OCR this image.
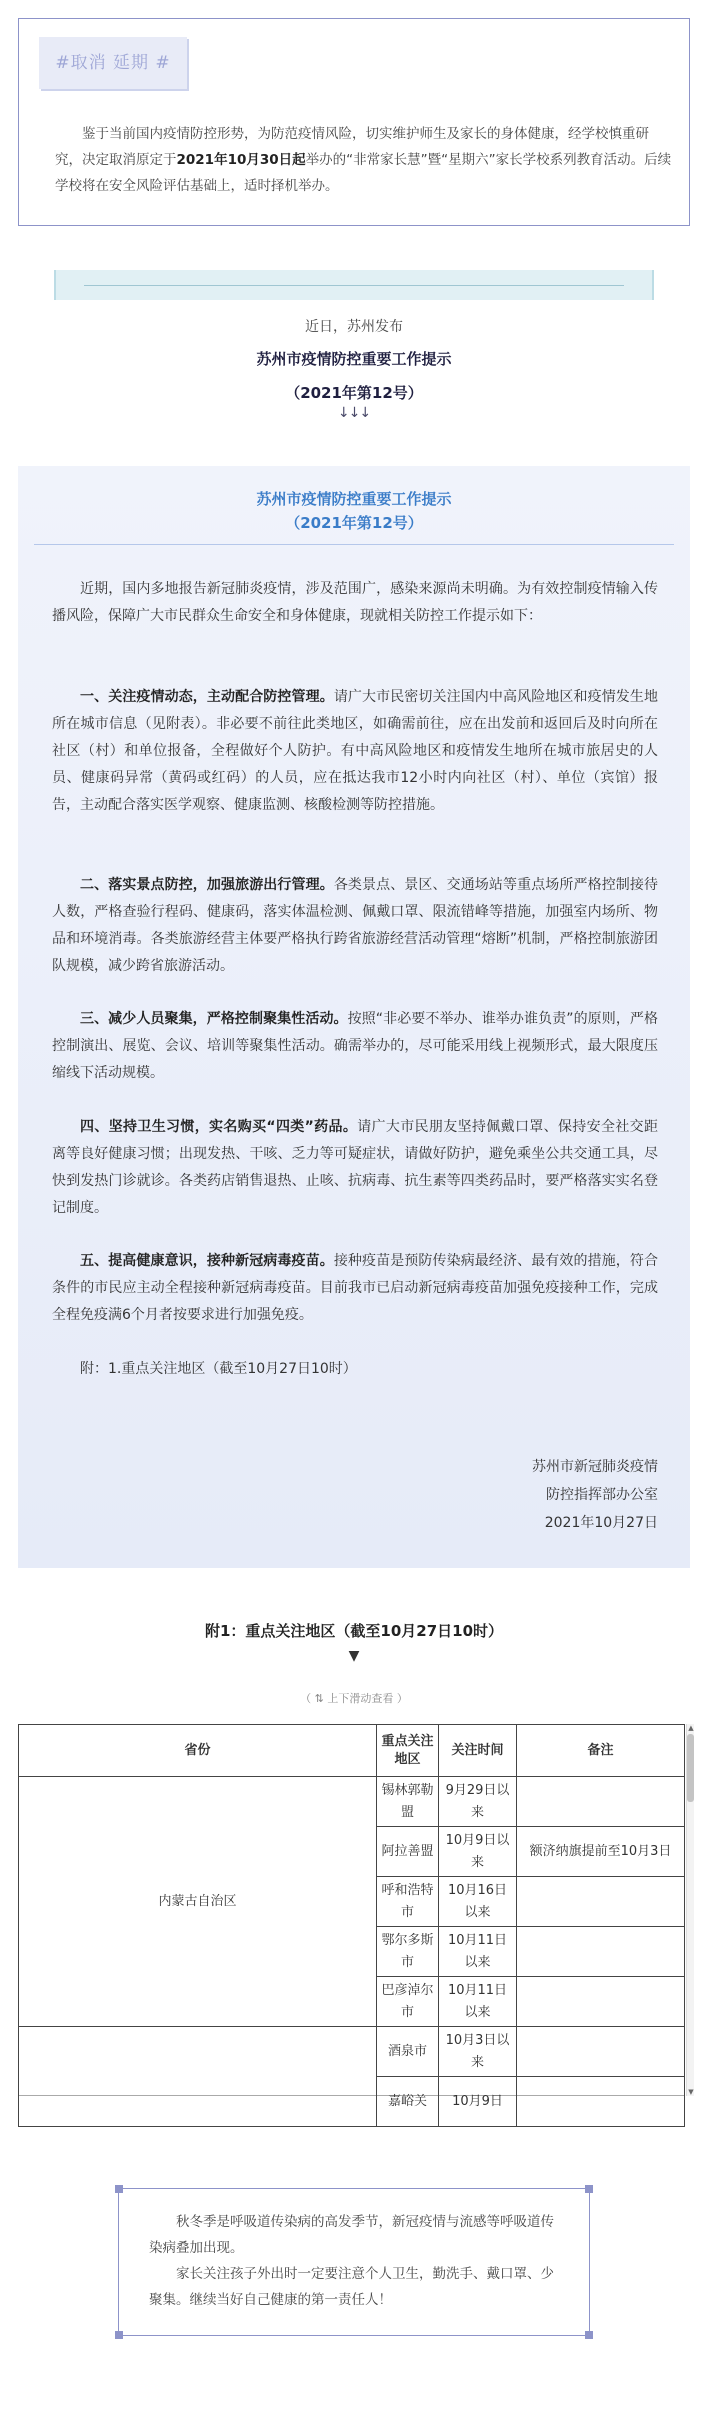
#取消 延期 #
鉴于当前国内疫情防控形势，为防范疫情风险，切实维护师生及家长的身体健康，经学校慎重研究，决定取消原定于2021年10月30日起举办的“非常家长慧”暨“星期六”家长学校系列教育活动。后续学校将在安全风险评估基础上，适时择机举办。
近日，苏州发布
苏州市疫情防控重要工作提示
（2021年第12号）
↓↓↓
苏州市疫情防控重要工作提示
（2021年第12号）
近期，国内多地报告新冠肺炎疫情，涉及范围广，感染来源尚未明确。为有效控制疫情输入传播风险，保障广大市民群众生命安全和身体健康，现就相关防控工作提示如下：
一、关注疫情动态，主动配合防控管理。请广大市民密切关注国内中高风险地区和疫情发生地所在城市信息（见附表）。非必要不前往此类地区，如确需前往，应在出发前和返回后及时向所在社区（村）和单位报备，全程做好个人防护。有中高风险地区和疫情发生地所在城市旅居史的人员、健康码异常（黄码或红码）的人员，应在抵达我市12小时内向社区（村）、单位（宾馆）报告，主动配合落实医学观察、健康监测、核酸检测等防控措施。
二、落实景点防控，加强旅游出行管理。各类景点、景区、交通场站等重点场所严格控制接待人数，严格查验行程码、健康码，落实体温检测、佩戴口罩、限流错峰等措施，加强室内场所、物品和环境消毒。各类旅游经营主体要严格执行跨省旅游经营活动管理“熔断”机制，严格控制旅游团队规模，减少跨省旅游活动。
三、减少人员聚集，严格控制聚集性活动。按照“非必要不举办、谁举办谁负责”的原则，严格控制演出、展览、会议、培训等聚集性活动。确需举办的，尽可能采用线上视频形式，最大限度压缩线下活动规模。
四、坚持卫生习惯，实名购买“四类”药品。请广大市民朋友坚持佩戴口罩、保持安全社交距离等良好健康习惯；出现发热、干咳、乏力等可疑症状，请做好防护，避免乘坐公共交通工具，尽快到发热门诊就诊。各类药店销售退热、止咳、抗病毒、抗生素等四类药品时，要严格落实实名登记制度。
五、提高健康意识，接种新冠病毒疫苗。接种疫苗是预防传染病最经济、最有效的措施，符合条件的市民应主动全程接种新冠病毒疫苗。目前我市已启动新冠病毒疫苗加强免疫接种工作，完成全程免疫满6个月者按要求进行加强免疫。
附：1.重点关注地区（截至10月27日10时）
苏州市新冠肺炎疫情
防控指挥部办公室
2021年10月27日
附1：重点关注地区（截至10月27日10时）
▼
（ ⇅ 上下滑动查看 ）
省份	重点关注地区	关注时间	备注
内蒙古自治区	锡林郭勒盟	9月29日以来	
	阿拉善盟	10月9日以来	额济纳旗提前至10月3日
	呼和浩特市	10月16日以来	
	鄂尔多斯市	10月11日以来	
	巴彦淖尔市	10月11日以来	
	酒泉市	10月3日以来	
	嘉峪关	10月9日	
▲
▼

秋冬季是呼吸道传染病的高发季节，新冠疫情与流感等呼吸道传染病叠加出现。

家长关注孩子外出时一定要注意个人卫生，勤洗手、戴口罩、少聚集。继续当好自己健康的第一责任人！
